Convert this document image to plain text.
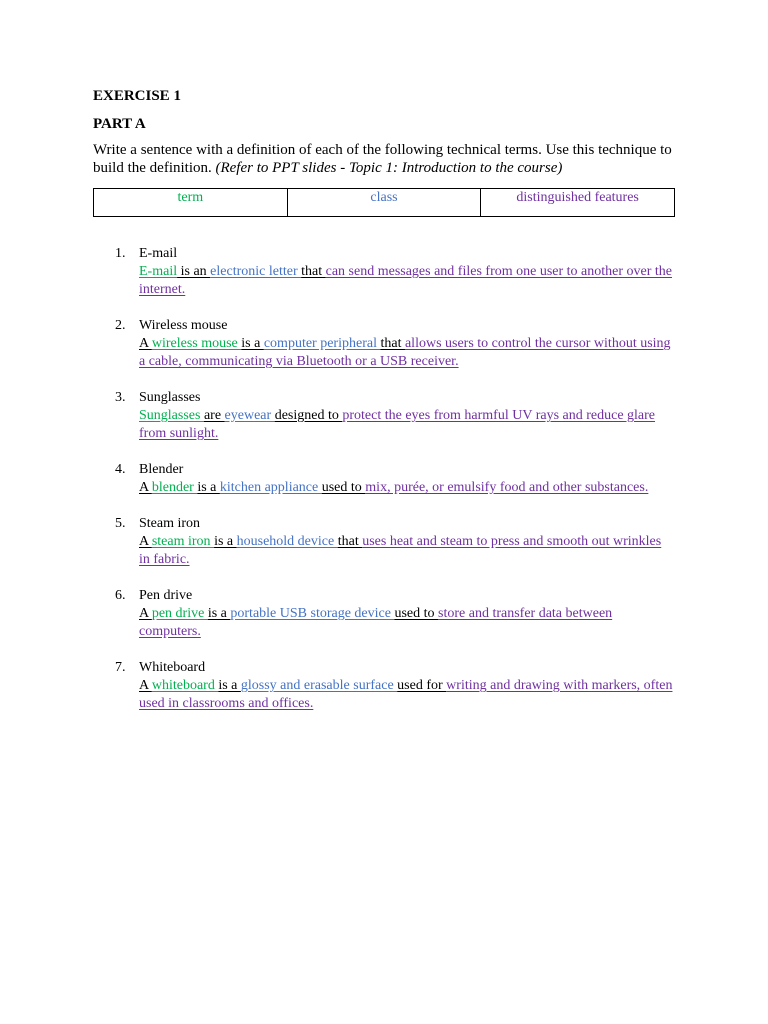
EXERCISE 1
PART A
Write a sentence with a definition of each of the following technical terms. Use this technique to build the definition. (Refer to PPT slides - Topic 1: Introduction to the course)
term	class	distinguished features
1. E-mail
E-mail is an electronic letter that can send messages and files from one user to another over the internet.
2. Wireless mouse
A wireless mouse is a computer peripheral that allows users to control the cursor without using a cable, communicating via Bluetooth or a USB receiver.
3. Sunglasses
Sunglasses are eyewear designed to protect the eyes from harmful UV rays and reduce glare from sunlight.
4. Blender
A blender is a kitchen appliance used to mix, purée, or emulsify food and other substances.
5. Steam iron
A steam iron is a household device that uses heat and steam to press and smooth out wrinkles in fabric.
6. Pen drive
A pen drive is a portable USB storage device used to store and transfer data between computers.
7. Whiteboard
A whiteboard is a glossy and erasable surface used for writing and drawing with markers, often used in classrooms and offices.
